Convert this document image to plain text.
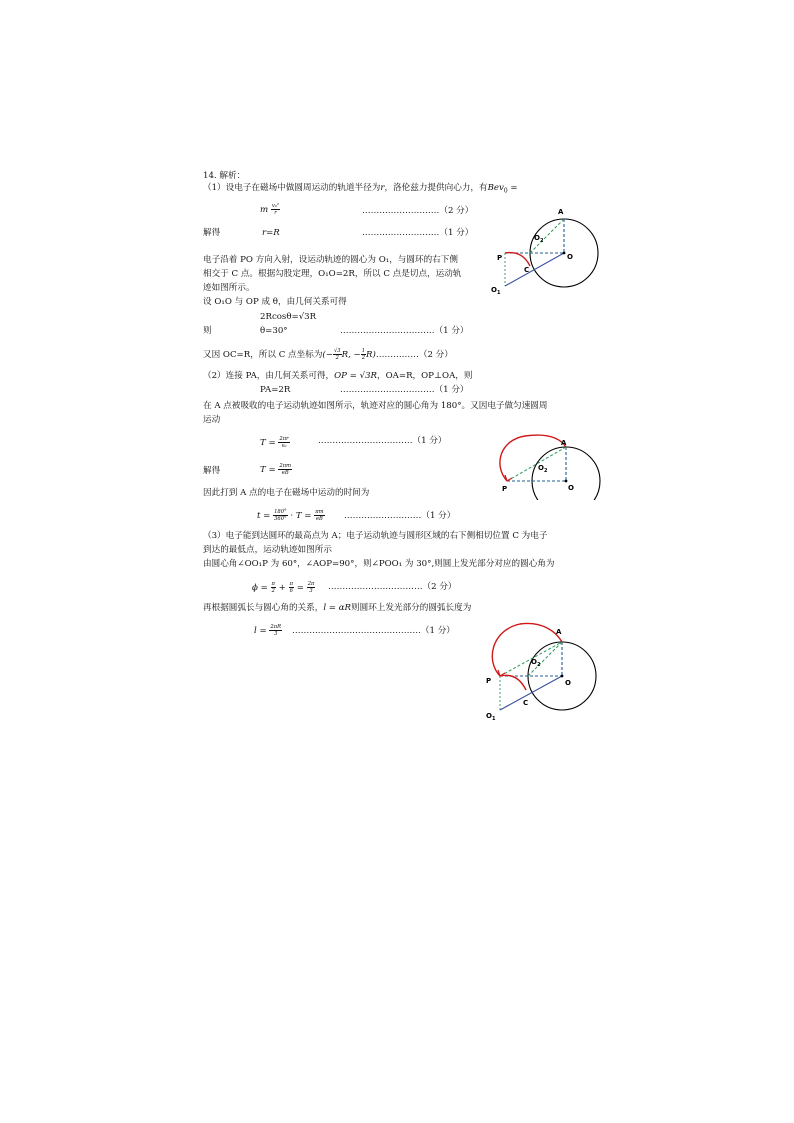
14. 解析：
（1）设电子在磁场中做圆周运动的轨道半径为r，洛伦兹力提供向心力，有Bev$_0$ =
m $\frac{\text{v₀²}}{r}$	………………………（2 分）
解得	r=R	………………………（1 分）
电子沿着 PO 方向入射，设运动轨迹的圆心为 O₁，与圆环的右下侧
相交于 C 点。根据勾股定理，O₁O=2R，所以 C 点是切点，运动轨
迹如图所示。
设 O₁O 与 OP 成 θ，由几何关系可得
2Rcosθ=√3R
则	θ=30°	……………………………（1 分）
又因 OC=R，所以 C 点坐标为(− $\frac{√3}{2} R$, − $\frac{1}{2}$ R)……………（2 分）
（2）连接 PA，由几何关系可得，OP = √3R，OA=R，OP⊥OA，则
PA=2R	……………………………（1 分）
在 A 点被吸收的电子运动轨迹如图所示，轨迹对应的圆心角为 180°。又因电子做匀速圆周
运动
$T = \frac{2\pi r}{\text{v₀}}$	……………………………（1 分）
解得	$T = \frac{2\pi m}{eB}$
因此打到 A 点的电子在磁场中运动的时间为
$t = \frac{180^\circ}{360^\circ} \cdot T = \frac{\pi m}{eB}$ ………………………（1 分）
（3）电子能到达圆环的最高点为 A；电子运动轨迹与圆形区域的右下侧相切位置 C 为电子
到达的最低点，运动轨迹如图所示
由圆心角∠OO₁P 为 60°，∠AOP=90°，则∠POO₁ 为 30°,则圆上发光部分对应的圆心角为
$\phi = \frac{\pi}{2} + \frac{\pi}{6} = \frac{2\pi}{3}$ ……………………………（2 分）
再根据圆弧长与圆心角的关系，l = αR则圆环上发光部分的圆弧长度为
$l = \frac{2\pi R}{3}$ ………………………………………（1 分）
A
O
$O_2$
P
C
$O_1$
A
O
$O_2$
P
A
O
$O_2$
P
C
$O_1$
